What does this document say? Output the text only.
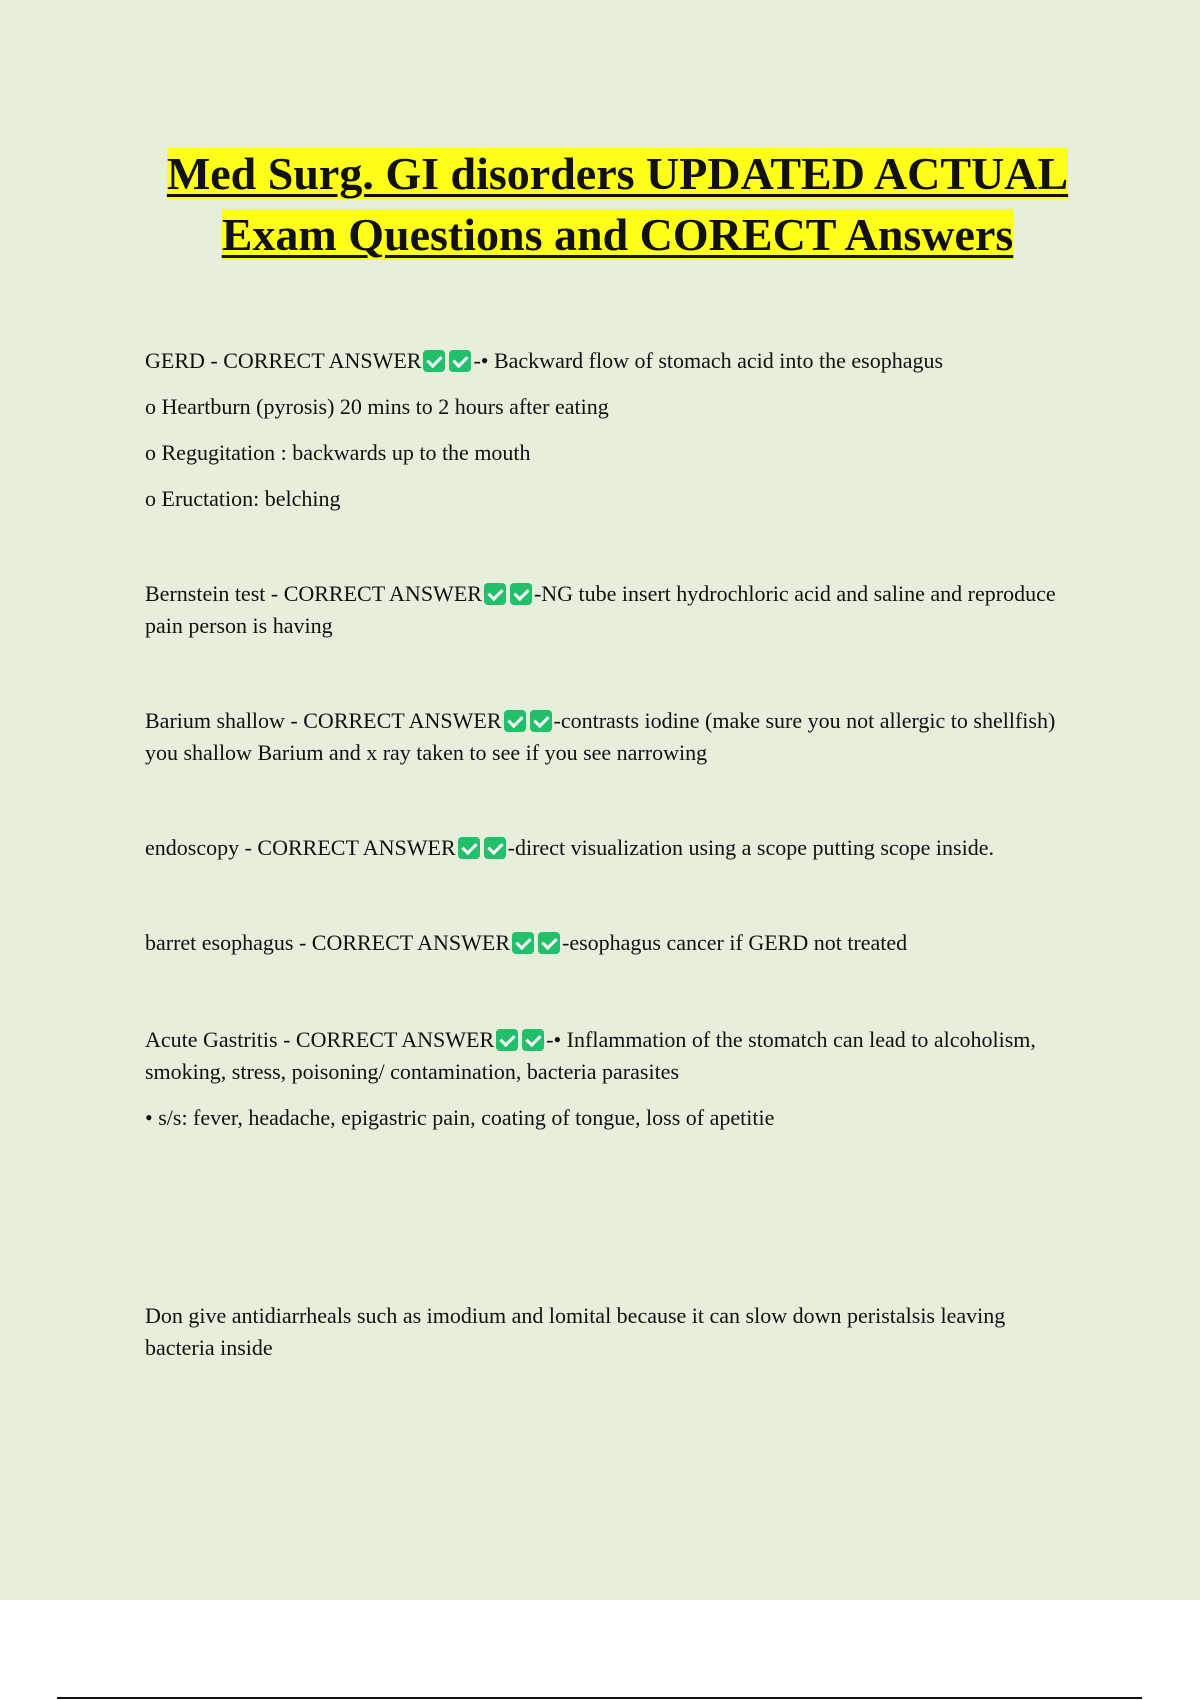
Med Surg. GI disorders UPDATED ACTUAL Exam Questions and CORECT Answers

GERD - CORRECT ANSWER -• Backward flow of stomach acid into the esophagus

o Heartburn (pyrosis) 20 mins to 2 hours after eating

o Regugitation : backwards up to the mouth

o Eructation: belching

Bernstein test - CORRECT ANSWER -NG tube insert hydrochloric acid and saline and reproduce pain person is having

Barium shallow - CORRECT ANSWER -contrasts iodine (make sure you not allergic to shellfish) you shallow Barium and x ray taken to see if you see narrowing

endoscopy - CORRECT ANSWER -direct visualization using a scope putting scope inside.

barret esophagus - CORRECT ANSWER -esophagus cancer if GERD not treated

Acute Gastritis - CORRECT ANSWER -• Inflammation of the stomatch can lead to alcoholism, smoking, stress, poisoning/ contamination, bacteria parasites

• s/s: fever, headache, epigastric pain, coating of tongue, loss of apetitie

Don give antidiarrheals such as imodium and lomital because it can slow down peristalsis leaving bacteria inside
